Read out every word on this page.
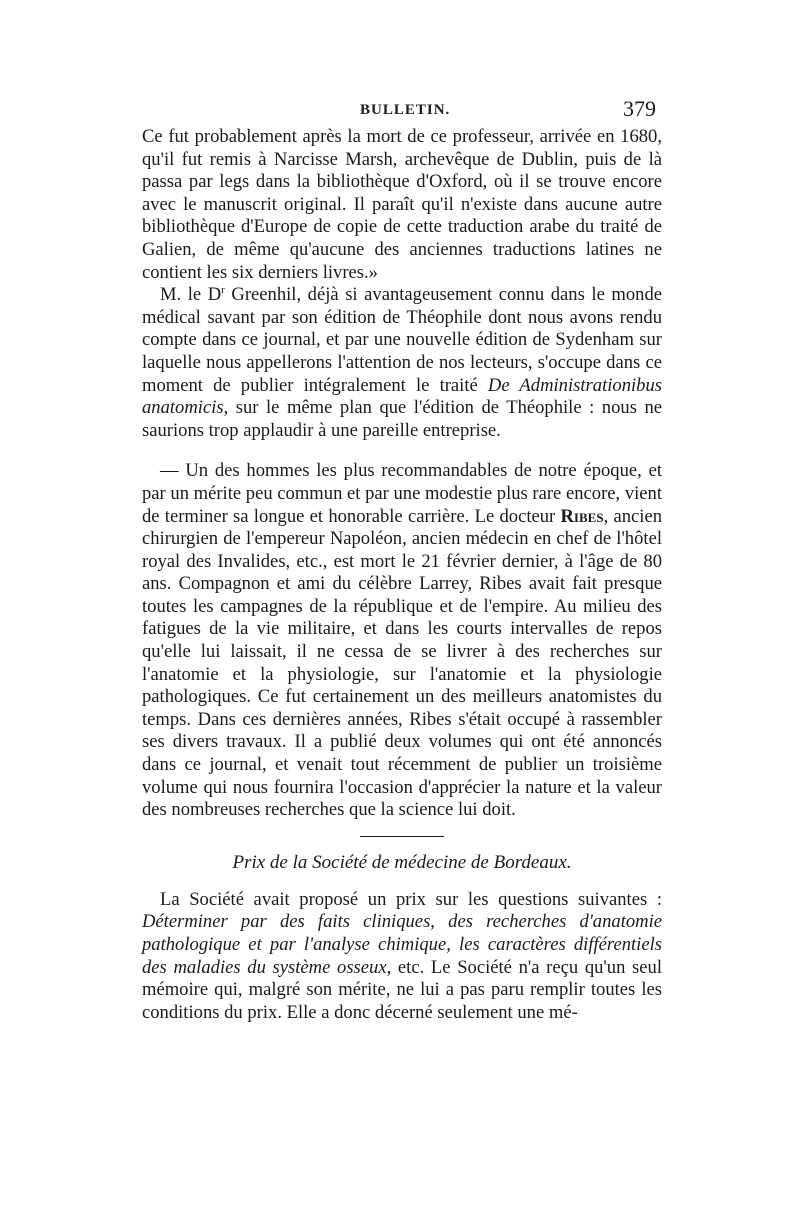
BULLETIN.	379

Ce fut probablement après la mort de ce professeur, arrivée en 1680, qu'il fut remis à Narcisse Marsh, archevêque de Dublin, puis de là passa par legs dans la bibliothèque d'Oxford, où il se trouve encore avec le manuscrit original. Il paraît qu'il n'existe dans aucune autre bibliothèque d'Europe de copie de cette traduction arabe du traité de Galien, de même qu'aucune des anciennes traductions latines ne contient les six derniers livres.»

M. le $D^r$ Greenhil, déjà si avantageusement connu dans le monde médical savant par son édition de Théophile dont nous avons rendu compte dans ce journal, et par une nouvelle édition de Sydenham sur laquelle nous appellerons l'attention de nos lecteurs, s'occupe dans ce moment de publier intégralement le traité De Administrationibus anatomicis, sur le même plan que l'édition de Théophile : nous ne saurions trop applaudir à une pareille entreprise.

— Un des hommes les plus recommandables de notre époque, et par un mérite peu commun et par une modestie plus rare encore, vient de terminer sa longue et honorable carrière. Le docteur Ribes, ancien chirurgien de l'empereur Napoléon, ancien médecin en chef de l'hôtel royal des Invalides, etc., est mort le 21 février dernier, à l'âge de 80 ans. Compagnon et ami du célèbre Larrey, Ribes avait fait presque toutes les campagnes de la république et de l'empire. Au milieu des fatigues de la vie militaire, et dans les courts intervalles de repos qu'elle lui laissait, il ne cessa de se livrer à des recherches sur l'anatomie et la physiologie, sur l'anatomie et la physiologie pathologiques. Ce fut certainement un des meilleurs anatomistes du temps. Dans ces dernières années, Ribes s'était occupé à rassembler ses divers travaux. Il a publié deux volumes qui ont été annoncés dans ce journal, et venait tout récemment de publier un troisième volume qui nous fournira l'occasion d'apprécier la nature et la valeur des nombreuses recherches que la science lui doit.

Prix de la Société de médecine de Bordeaux.

La Société avait proposé un prix sur les questions suivantes : Déterminer par des faits cliniques, des recherches d'anatomie pathologique et par l'analyse chimique, les caractères différentiels des maladies du système osseux, etc. Le Société n'a reçu qu'un seul mémoire qui, malgré son mérite, ne lui a pas paru remplir toutes les conditions du prix. Elle a donc décerné seulement une mé-
